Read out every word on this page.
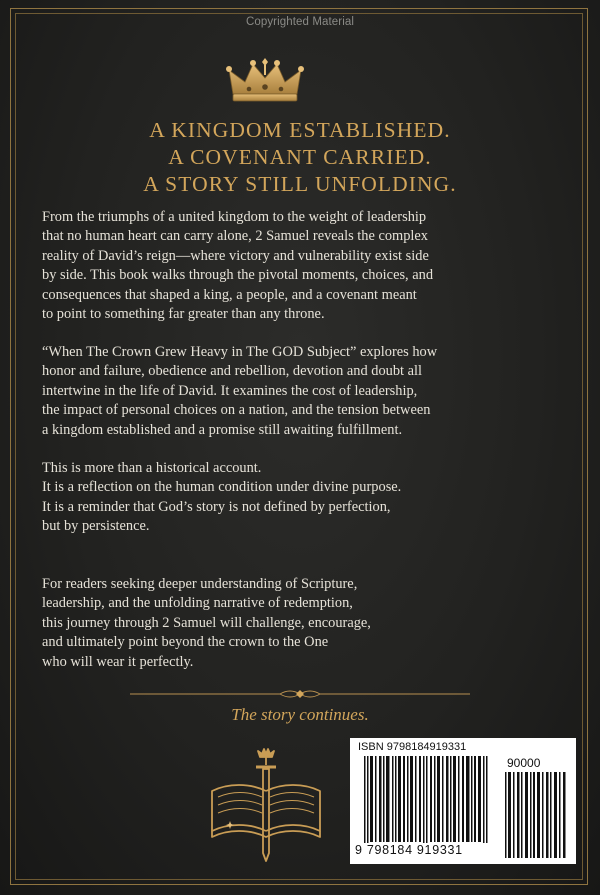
Copyrighted Material
A KINGDOM ESTABLISHED.
A COVENANT CARRIED.
A STORY STILL UNFOLDING.
From the triumphs of a united kingdom to the weight of leadership
that no human heart can carry alone, 2 Samuel reveals the complex
reality of David’s reign—where victory and vulnerability exist side
by side. This book walks through the pivotal moments, choices, and
consequences that shaped a king, a people, and a covenant meant
to point to something far greater than any throne.
“When The Crown Grew Heavy in The GOD Subject” explores how
honor and failure, obedience and rebellion, devotion and doubt all
intertwine in the life of David. It examines the cost of leadership,
the impact of personal choices on a nation, and the tension between
a kingdom established and a promise still awaiting fulfillment.
This is more than a historical account.
It is a reflection on the human condition under divine purpose.
It is a reminder that God’s story is not defined by perfection,
but by persistence.
For readers seeking deeper understanding of Scripture,
leadership, and the unfolding narrative of redemption,
this journey through 2 Samuel will challenge, encourage,
and ultimately point beyond the crown to the One
who will wear it perfectly.
The story continues.
ISBN 9798184919331
9 798184 919331
90000
